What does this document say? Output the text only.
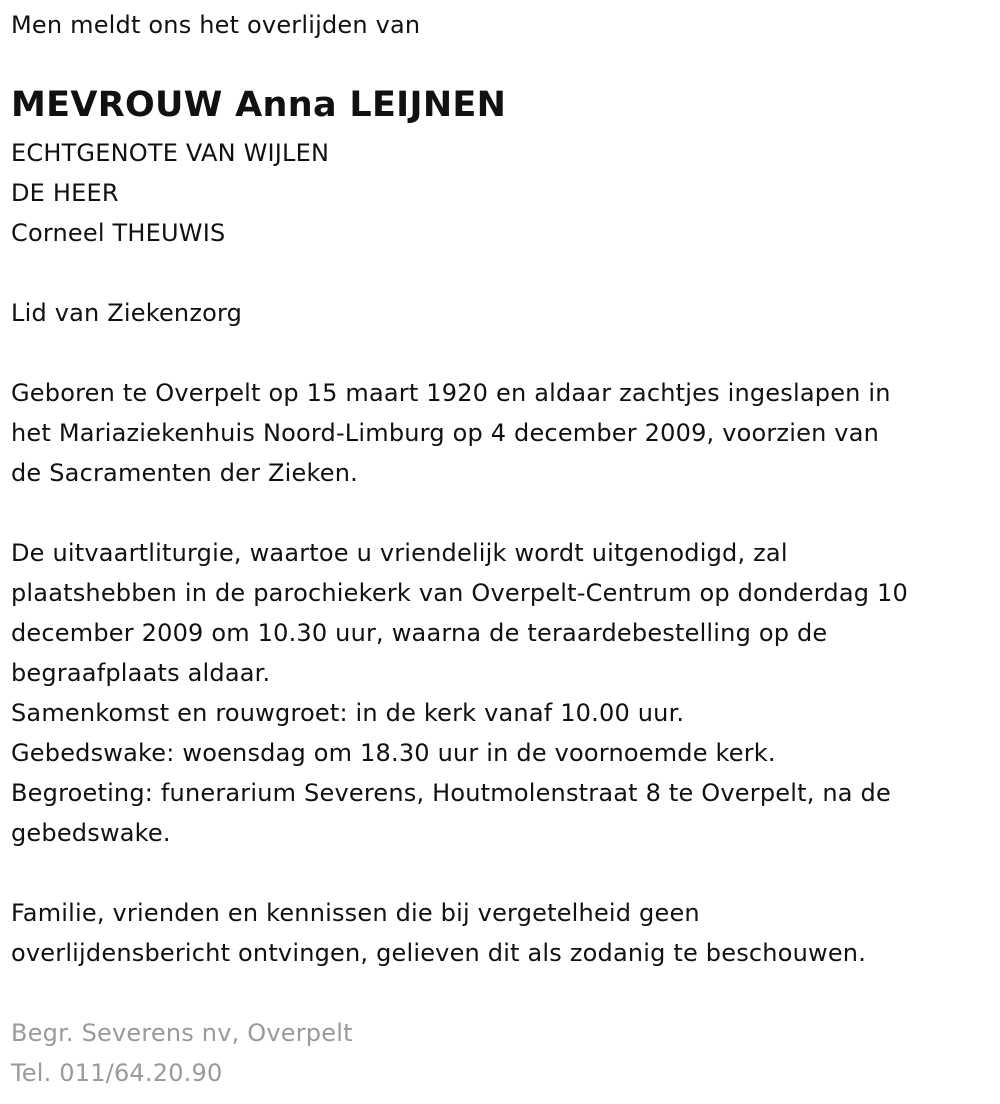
Men meldt ons het overlijden van
MEVROUW Anna LEIJNEN
ECHTGENOTE VAN WIJLEN
DE HEER
Corneel THEUWIS
Lid van Ziekenzorg
Geboren te Overpelt op 15 maart 1920 en aldaar zachtjes ingeslapen in
het Mariaziekenhuis Noord-Limburg op 4 december 2009, voorzien van
de Sacramenten der Zieken.
De uitvaartliturgie, waartoe u vriendelijk wordt uitgenodigd, zal
plaatshebben in de parochiekerk van Overpelt-Centrum op donderdag 10
december 2009 om 10.30 uur, waarna de teraardebestelling op de
begraafplaats aldaar.
Samenkomst en rouwgroet: in de kerk vanaf 10.00 uur.
Gebedswake: woensdag om 18.30 uur in de voornoemde kerk.
Begroeting: funerarium Severens, Houtmolenstraat 8 te Overpelt, na de
gebedswake.
Familie, vrienden en kennissen die bij vergetelheid geen
overlijdensbericht ontvingen, gelieven dit als zodanig te beschouwen.
Begr. Severens nv, Overpelt
Tel. 011/64.20.90
